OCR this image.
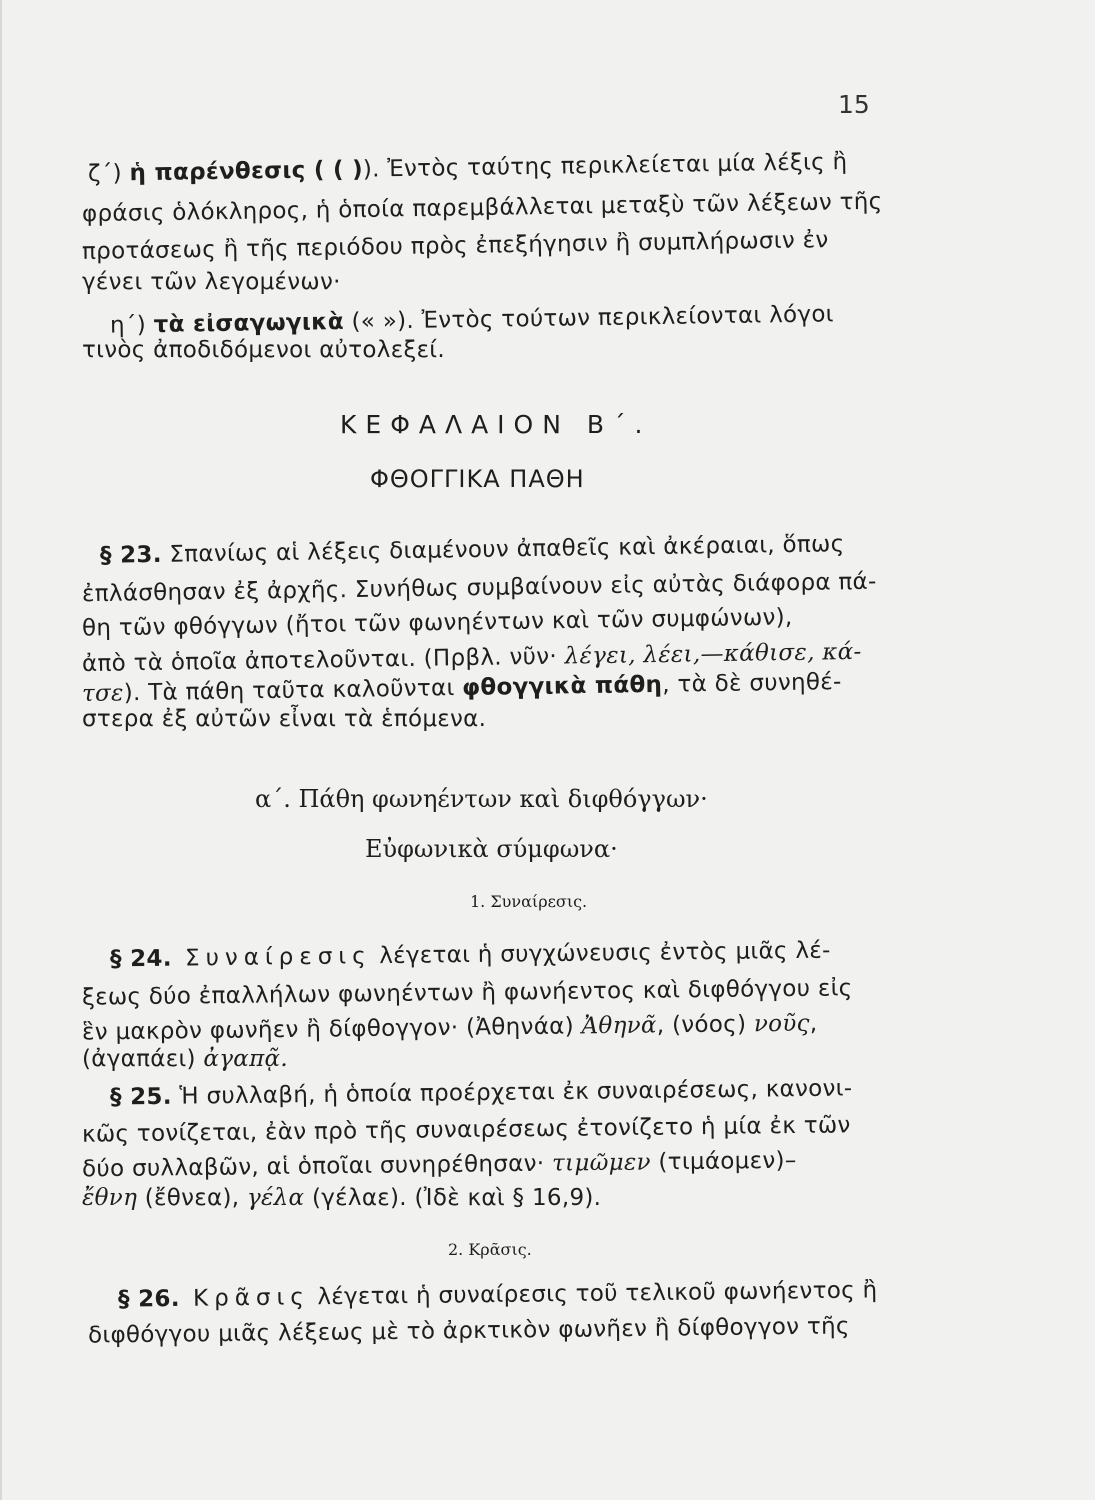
15
ζ΄) ἡ παρένθεσις ( ( )). Ἐντὸς ταύτης περικλείεται μία λέξις ἢ
φράσις ὁλόκληρος, ἡ ὁποία παρεμβάλλεται μεταξὺ τῶν λέξεων τῆς
προτάσεως ἢ τῆς περιόδου πρὸς ἐπεξήγησιν ἢ συμπλήρωσιν ἐν
γένει τῶν λεγομένων·
η΄) τὰ εἰσαγωγικὰ (« »). Ἐντὸς τούτων περικλείονται λόγοι
τινὸς ἀποδιδόμενοι αὐτολεξεί.
ΚΕΦΑΛΑΙΟΝ Β΄.
ΦΘΟΓΓΙΚΑ ΠΑΘΗ
§ 23. Σπανίως αἱ λέξεις διαμένουν ἀπαθεῖς καὶ ἀκέραιαι, ὅπως
ἐπλάσθησαν ἐξ ἀρχῆς. Συνήθως συμβαίνουν εἰς αὐτὰς διάφορα πά-
θη τῶν φθόγγων (ἤτοι τῶν φωνηέντων καὶ τῶν συμφώνων),
ἀπὸ τὰ ὁποῖα ἀποτελοῦνται. (Πρβλ. νῦν· λέγει, λέει,—κάθισε, κά-
τσε). Τὰ πάθη ταῦτα καλοῦνται φθογγικὰ πάθη, τὰ δὲ συνηθέ-
στερα ἐξ αὐτῶν εἶναι τὰ ἑπόμενα.
α΄. Πάθη φωνηέντων καὶ διφθόγγων·
Εὐφωνικὰ σύμφωνα·
1. Συναίρεσις.
§ 24. Συναίρεσις λέγεται ἡ συγχώνευσις ἐντὸς μιᾶς λέ-
ξεως δύο ἐπαλλήλων φωνηέντων ἢ φωνήεντος καὶ διφθόγγου εἰς
ἓν μακρὸν φωνῆεν ἢ δίφθογγον· (Ἀθηνάα) Ἀθηνᾶ, (νόος) νοῦς,
(ἀγαπάει) ἀγαπᾷ.
§ 25. Ἡ συλλαβή, ἡ ὁποία προέρχεται ἐκ συναιρέσεως, κανονι-
κῶς τονίζεται, ἐὰν πρὸ τῆς συναιρέσεως ἐτονίζετο ἡ μία ἐκ τῶν
δύο συλλαβῶν, αἱ ὁποῖαι συνηρέθησαν· τιμῶμεν (τιμάομεν)–
ἔθνη (ἔθνεα), γέλα (γέλαε). (Ἰδὲ καὶ § 16,9).
2. Κρᾶσις.
§ 26. Κρᾶσις λέγεται ἡ συναίρεσις τοῦ τελικοῦ φωνήεντος ἢ
διφθόγγου μιᾶς λέξεως μὲ τὸ ἀρκτικὸν φωνῆεν ἢ δίφθογγον τῆς
